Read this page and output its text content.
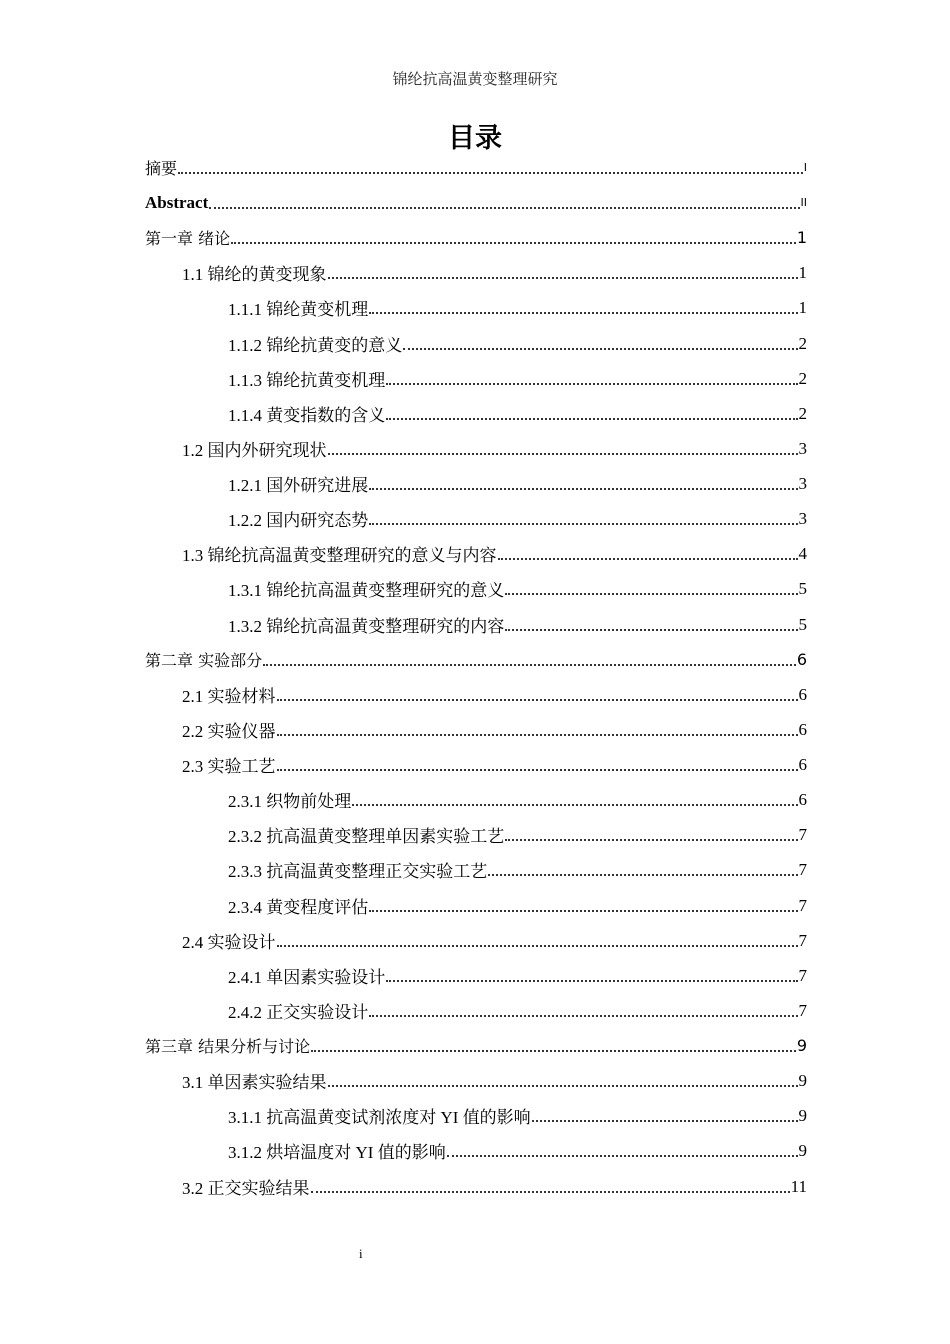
锦纶抗高温黄变整理研究
目录
摘要	I
Abstract	II
第一章 绪论	1
1.1 锦纶的黄变现象	1
1.1.1 锦纶黄变机理	1
1.1.2 锦纶抗黄变的意义	2
1.1.3 锦纶抗黄变机理	2
1.1.4 黄变指数的含义	2
1.2 国内外研究现状	3
1.2.1 国外研究进展	3
1.2.2 国内研究态势	3
1.3 锦纶抗高温黄变整理研究的意义与内容	4
1.3.1 锦纶抗高温黄变整理研究的意义	5
1.3.2 锦纶抗高温黄变整理研究的内容	5
第二章 实验部分	6
2.1 实验材料	6
2.2 实验仪器	6
2.3 实验工艺	6
2.3.1 织物前处理	6
2.3.2 抗高温黄变整理单因素实验工艺	7
2.3.3 抗高温黄变整理正交实验工艺	7
2.3.4 黄变程度评估	7
2.4 实验设计	7
2.4.1 单因素实验设计	7
2.4.2 正交实验设计	7
第三章 结果分析与讨论	9
3.1 单因素实验结果	9
3.1.1 抗高温黄变试剂浓度对 YI 值的影响	9
3.1.2 烘培温度对 YI 值的影响	9
3.2 正交实验结果	11
i
